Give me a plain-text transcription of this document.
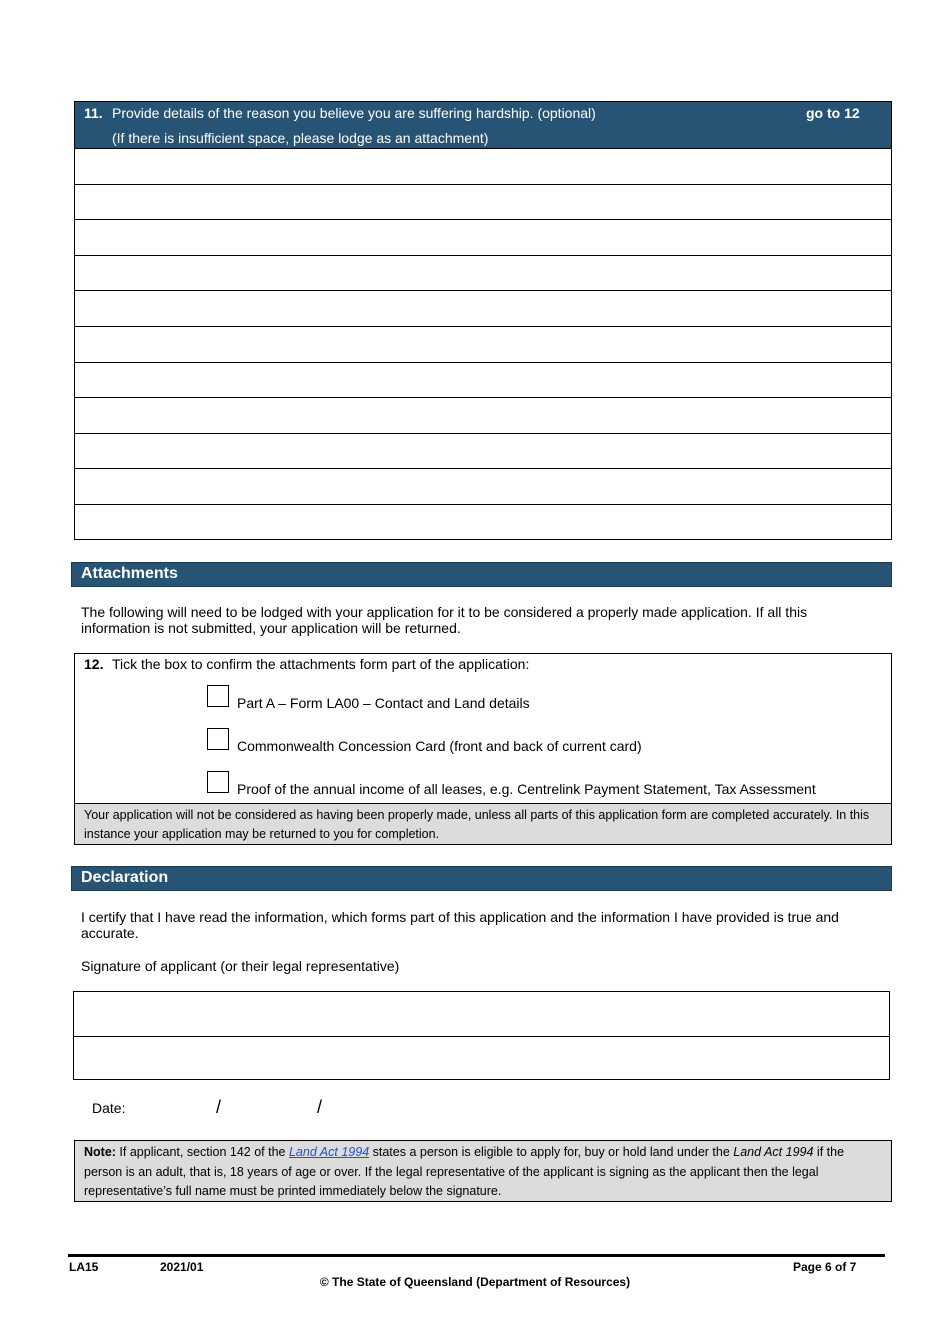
11. Provide details of the reason you believe you are suffering hardship. (optional)
(If there is insufficient space, please lodge as an attachment)
go to 12
Attachments
The following will need to be lodged with your application for it to be considered a properly made application. If all this information is not submitted, your application will be returned.
12. Tick the box to confirm the attachments form part of the application:
Part A – Form LA00 – Contact and Land details
Commonwealth Concession Card (front and back of current card)
Proof of the annual income of all leases, e.g. Centrelink Payment Statement, Tax Assessment
Your application will not be considered as having been properly made, unless all parts of this application form are completed accurately. In this instance your application may be returned to you for completion.
Declaration
I certify that I have read the information, which forms part of this application and the information I have provided is true and accurate.
Signature of applicant (or their legal representative)
Date:	/	/
Note: If applicant, section 142 of the Land Act 1994 states a person is eligible to apply for, buy or hold land under the Land Act 1994 if the person is an adult, that is, 18 years of age or over. If the legal representative of the applicant is signing as the applicant then the legal representative’s full name must be printed immediately below the signature.
LA15	2021/01	Page 6 of 7
© The State of Queensland (Department of Resources)
